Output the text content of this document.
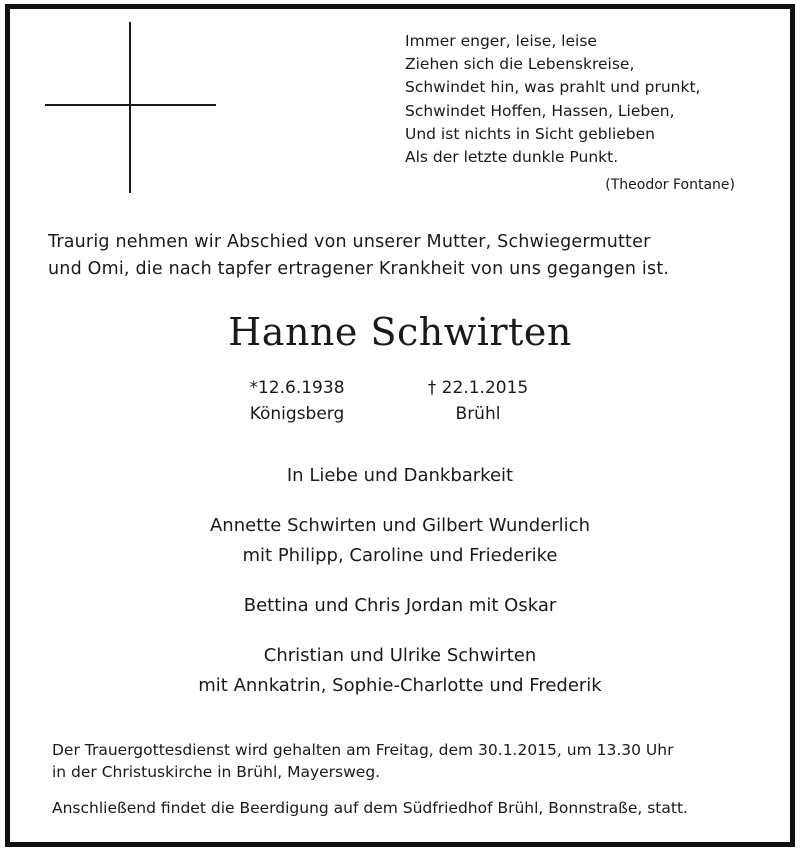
Immer enger, leise, leise
Ziehen sich die Lebenskreise,
Schwindet hin, was prahlt und prunkt,
Schwindet Hoffen, Hassen, Lieben,
Und ist nichts in Sicht geblieben
Als der letzte dunkle Punkt.
(Theodor Fontane)
Traurig nehmen wir Abschied von unserer Mutter, Schwiegermutter
und Omi, die nach tapfer ertragener Krankheit von uns gegangen ist.
Hanne Schwirten
*12.6.1938
Königsberg
† 22.1.2015
Brühl
In Liebe und Dankbarkeit
Annette Schwirten und Gilbert Wunderlich
mit Philipp, Caroline und Friederike
Bettina und Chris Jordan mit Oskar
Christian und Ulrike Schwirten
mit Annkatrin, Sophie-Charlotte und Frederik
Der Trauergottesdienst wird gehalten am Freitag, dem 30.1.2015, um 13.30 Uhr
in der Christuskirche in Brühl, Mayersweg.
Anschließend findet die Beerdigung auf dem Südfriedhof Brühl, Bonnstraße, statt.
